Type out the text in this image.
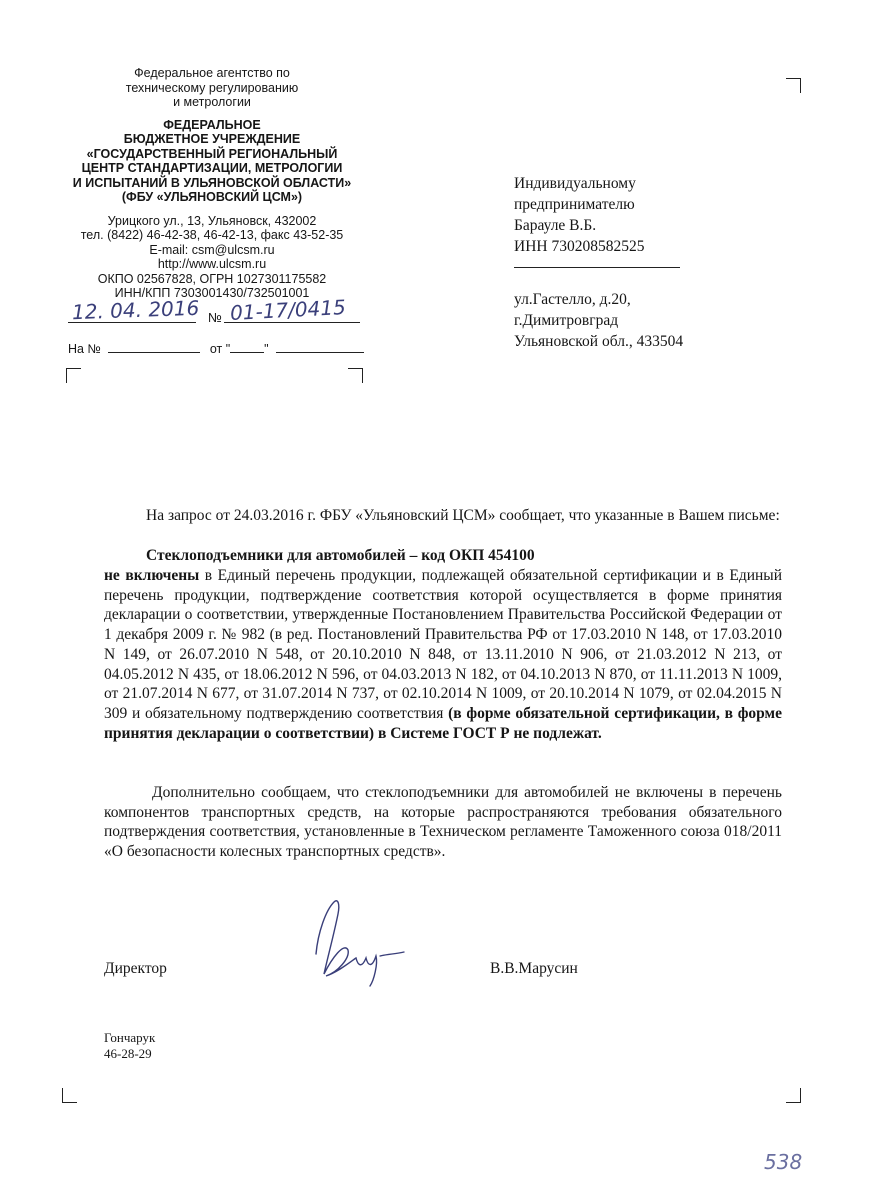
Федеральное агентство по
техническому регулированию
и метрологии
ФЕДЕРАЛЬНОЕ
БЮДЖЕТНОЕ УЧРЕЖДЕНИЕ
«ГОСУДАРСТВЕННЫЙ РЕГИОНАЛЬНЫЙ
ЦЕНТР СТАНДАРТИЗАЦИИ, МЕТРОЛОГИИ
И ИСПЫТАНИЙ В УЛЬЯНОВСКОЙ ОБЛАСТИ»
(ФБУ «УЛЬЯНОВСКИЙ ЦСМ»)
Урицкого ул., 13, Ульяновск, 432002
тел. (8422) 46-42-38, 46-42-13, факс 43-52-35
E-mail: csm@ulcsm.ru
http://www.ulcsm.ru
ОКПО 02567828, ОГРН 1027301175582
ИНН/КПП 7303001430/732501001
12. 04. 2016 № 01-17/0415
На №	от "	"
Индивидуальному
предпринимателю
Барауле В.Б.
ИНН 730208582525
ул.Гастелло, д.20,
г.Димитровград
Ульяновской обл., 433504

На запрос от 24.03.2016 г. ФБУ «Ульяновский ЦСМ» сообщает, что указанные в Вашем письме:

Стеклоподъемники для автомобилей – код ОКП 454100

не включены в Единый перечень продукции, подлежащей обязательной сертификации и в Единый перечень продукции, подтверждение соответствия которой осуществляется в форме принятия декларации о соответствии, утвержденные Постановлением Правительства Российской Федерации от 1 декабря 2009 г. № 982 (в ред. Постановлений Правительства РФ от 17.03.2010 N 148, от 17.03.2010 N 149, от 26.07.2010 N 548, от 20.10.2010 N 848, от 13.11.2010 N 906, от 21.03.2012 N 213, от 04.05.2012 N 435, от 18.06.2012 N 596, от 04.03.2013 N 182, от 04.10.2013 N 870, от 11.11.2013 N 1009, от 21.07.2014 N 677, от 31.07.2014 N 737, от 02.10.2014 N 1009, от 20.10.2014 N 1079, от 02.04.2015 N 309 и обязательному подтверждению соответствия (в форме обязательной сертификации, в форме принятия декларации о соответствии) в Системе ГОСТ Р не подлежат.

Дополнительно сообщаем, что стеклоподъемники для автомобилей не включены в перечень компонентов транспортных средств, на которые распространяются требования обязательного подтверждения соответствия, установленные в Техническом регламенте Таможенного союза 018/2011 «О безопасности колесных транспортных средств».

Директор	В.В.Марусин
Гончарук
46-28-29
538
